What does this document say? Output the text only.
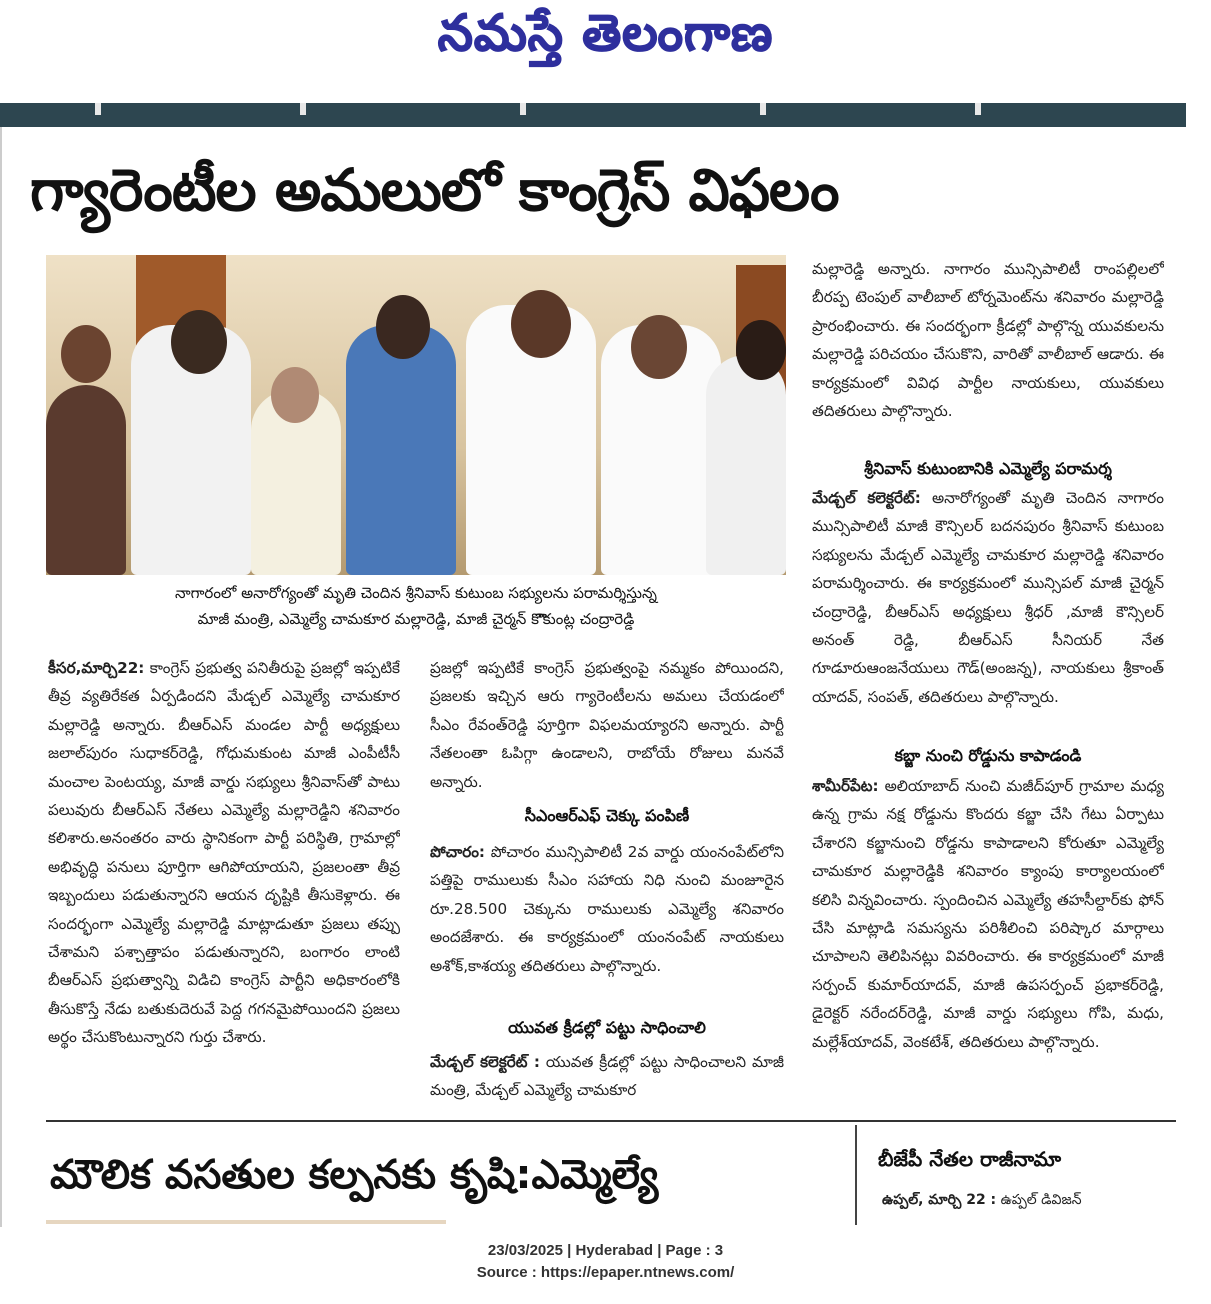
నమస్తే తెలంగాణ
గ్యారెంటీల అమలులో కాంగ్రెస్ విఫలం
నాగారంలో అనారోగ్యంతో మృతి చెందిన శ్రీనివాస్ కుటుంబ సభ్యులను పరామర్శిస్తున్న
మాజీ మంత్రి, ఎమ్మెల్యే చామకూర మల్లారెడ్డి, మాజీ చైర్మన్ కొౌకుంట్ల చంద్రారెడ్డి
కీసర,మార్చి22: కాంగ్రెస్ ప్రభుత్వ పనితీరుపై ప్రజల్లో ఇప్పటికే తీవ్ర వ్యతిరేకత ఏర్పడిందని మేడ్చల్ ఎమ్మెల్యే చామకూర మల్లారెడ్డి అన్నారు. బీఆర్ఎస్ మండల పార్టీ అధ్యక్షులు జలాల్‌పురం సుధాకర్‌రెడ్డి, గోధుమకుంట మాజీ ఎంపీటీసీ మంచాల పెంటయ్య, మాజీ వార్డు సభ్యులు శ్రీనివాస్‌తో పాటు పలువురు బీఆర్ఎస్ నేతలు ఎమ్మెల్యే మల్లారెడ్డిని శనివారం కలిశారు.అనంతరం వారు స్థానికంగా పార్టీ పరిస్థితి, గ్రామాల్లో అభివృద్ధి పనులు పూర్తిగా ఆగిపోయాయని, ప్రజలంతా తీవ్ర ఇబ్బందులు పడుతున్నారని ఆయన దృష్టికి తీసుకెళ్లారు. ఈ సందర్భంగా ఎమ్మెల్యే మల్లారెడ్డి మాట్లాడుతూ ప్రజలు తప్పు చేశామని పశ్చాత్తాపం పడుతున్నారని, బంగారం లాంటి బీఆర్ఎస్ ప్రభుత్వాన్ని విడిచి కాంగ్రెస్ పార్టీని అధికారంలోకి తీసుకొస్తే నేడు బతుకుదెరువే పెద్ద గగనమైపోయిందని ప్రజలు అర్థం చేసుకొంటున్నారని గుర్తు చేశారు.
ప్రజల్లో ఇప్పటికే కాంగ్రెస్ ప్రభుత్వంపై నమ్మకం పోయిందని, ప్రజలకు ఇచ్చిన ఆరు గ్యారెంటీలను అమలు చేయడంలో సీఎం రేవంత్‌రెడ్డి పూర్తిగా విఫలమయ్యారని అన్నారు. పార్టీ నేతలంతా ఓపిగ్గా ఉండాలని, రాబోయే రోజులు మనవే అన్నారు.
సీఎంఆర్ఎఫ్ చెక్కు పంపిణీ
పోచారం: పోచారం మున్సిపాలిటీ 2వ వార్డు యంనంపేట్‌లోని పత్తిపై రాములుకు సీఎం సహాయ నిధి నుంచి మంజూరైన రూ.28.500 చెక్కును రాములుకు ఎమ్మెల్యే శనివారం అందజేశారు. ఈ కార్యక్రమంలో యంనంపేట్ నాయకులు అశోక్,కాశయ్య తదితరులు పాల్గొన్నారు.
యువత క్రీడల్లో పట్టు సాధించాలి
మేడ్చల్ కలెక్టరేట్ : యువత క్రీడల్లో పట్టు సాధించాలని మాజీ మంత్రి, మేడ్చల్ ఎమ్మెల్యే చామకూర
మల్లారెడ్డి అన్నారు. నాగారం మున్సిపాలిటీ రాంపల్లిలలో బీరప్ప టెంపుల్ వాలీబాల్ టోర్నమెంట్‌ను శనివారం మల్లారెడ్డి ప్రారంభించారు. ఈ సందర్భంగా క్రీడల్లో పాల్గొన్న యువకులను మల్లారెడ్డి పరిచయం చేసుకొని, వారితో వాలీబాల్ ఆడారు. ఈ కార్యక్రమంలో వివిధ పార్టీల నాయకులు, యువకులు తదితరులు పాల్గొన్నారు.
శ్రీనివాస్ కుటుంబానికి ఎమ్మెల్యే పరామర్శ
మేడ్చల్ కలెక్టరేట్: అనారోగ్యంతో మృతి చెందిన నాగారం మున్సిపాలిటీ మాజీ కౌన్సిలర్ బదనపురం శ్రీనివాస్ కుటుంబ సభ్యులను మేడ్చల్ ఎమ్మెల్యే చామకూర మల్లారెడ్డి శనివారం పరామర్శించారు. ఈ కార్యక్రమంలో మున్సిపల్ మాజీ చైర్మన్ చంద్రారెడ్డి, బీఆర్ఎస్ అధ్యక్షులు శ్రీధర్ ,మాజీ కౌన్సిలర్ అనంత్ రెడ్డి, బీఆర్ఎస్ సీనియర్ నేత గూడూరుఆంజనేయులు గౌడ్(అంజన్న), నాయకులు శ్రీకాంత్ యాదవ్, సంపత్, తదితరులు పాల్గొన్నారు.
కబ్జా నుంచి రోడ్డును కాపాడండి
శామీర్‌పేట: అలియాబాద్ నుంచి మజీద్‌పూర్ గ్రామాల మధ్య ఉన్న గ్రామ నక్ష రోడ్డును కొందరు కబ్జా చేసి గేటు ఏర్పాటు చేశారని కబ్జానుంచి రోడ్డను కాపాడాలని కోరుతూ ఎమ్మెల్యే చామకూర మల్లారెడ్డికి శనివారం క్యాంపు కార్యాలయంలో కలిసి విన్నవించారు. స్పందించిన ఎమ్మెల్యే తహసీల్దార్‌కు ఫోన్ చేసి మాట్లాడి సమస్యను పరిశీలించి పరిష్కార మార్గాలు చూపాలని తెలిపినట్లు వివరించారు. ఈ కార్యక్రమంలో మాజీ సర్పంచ్ కుమార్‌యాదవ్, మాజీ ఉపసర్పంచ్ ప్రభాకర్‌రెడ్డి, డైరెక్టర్ నరేందర్‌రెడ్డి, మాజీ వార్డు సభ్యులు గోపి, మధు, మల్లేశ్‌యాదవ్, వెంకటేశ్, తదితరులు పాల్గొన్నారు.
మౌలిక వసతుల కల్పనకు కృషి:ఎమ్మెల్యే	బీజేపీ నేతల రాజీనామా
ఉప్పల్, మార్చి 22 : ఉప్పల్ డివిజన్
23/03/2025 | Hyderabad | Page : 3
Source : https://epaper.ntnews.com/
